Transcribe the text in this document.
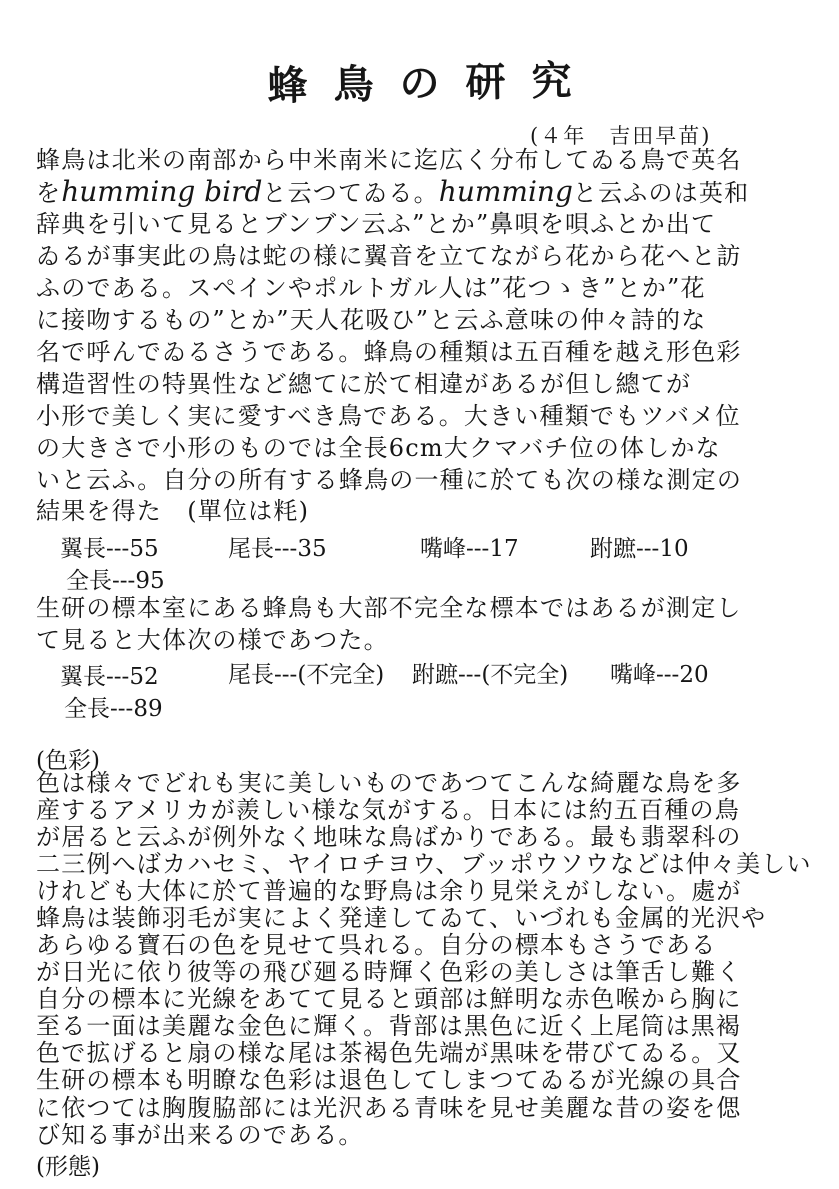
蜂鳥の研究
(４年　吉田早苗)
蜂鳥は北米の南部から中米南米に迄広く分布してゐる鳥で英名
をhumming birdと云つてゐる。hummingと云ふのは英和
辞典を引いて見るとブンブン云ふ”とか”鼻唄を唄ふとか出て
ゐるが事実此の鳥は蛇の様に翼音を立てながら花から花へと訪
ふのである。スペインやポルトガル人は”花つゝき”とか”花
に接吻するもの”とか”天人花吸ひ”と云ふ意味の仲々詩的な
名で呼んでゐるさうである。蜂鳥の種類は五百種を越え形色彩
構造習性の特異性など總てに於て相違があるが但し總てが
小形で美しく実に愛すべき鳥である。大きい種類でもツバメ位
の大きさで小形のものでは全長6cm大クマバチ位の体しかな
いと云ふ。自分の所有する蜂鳥の一種に於ても次の様な測定の
結果を得た　(單位は粍)
翼長---55	尾長---35	嘴峰---17	跗蹠---10
全長---95
生研の標本室にある蜂鳥も大部不完全な標本ではあるが測定し
て見ると大体次の様であつた。
翼長---52	尾長---(不完全) 跗蹠---(不完全) 嘴峰---20
全長---89
(色彩)
色は様々でどれも実に美しいものであつてこんな綺麗な鳥を多
産するアメリカが羨しい様な気がする。日本には約五百種の鳥
が居ると云ふが例外なく地味な鳥ばかりである。最も翡翠科の
二三例へばカハセミ、ヤイロチヨウ、ブッポウソウなどは仲々美しい
けれども大体に於て普遍的な野鳥は余り見栄えがしない。處が
蜂鳥は装飾羽毛が実によく発達してゐて、いづれも金属的光沢や
あらゆる寶石の色を見せて呉れる。自分の標本もさうである
が日光に依り彼等の飛び廻る時輝く色彩の美しさは筆舌し難く
自分の標本に光線をあてて見ると頭部は鮮明な赤色喉から胸に
至る一面は美麗な金色に輝く。背部は黒色に近く上尾筒は黒褐
色で拡げると扇の様な尾は茶褐色先端が黒味を帯びてゐる。又
生研の標本も明瞭な色彩は退色してしまつてゐるが光線の具合
に依つては胸腹脇部には光沢ある青味を見せ美麗な昔の姿を偲
び知る事が出来るのである。
(形態)
